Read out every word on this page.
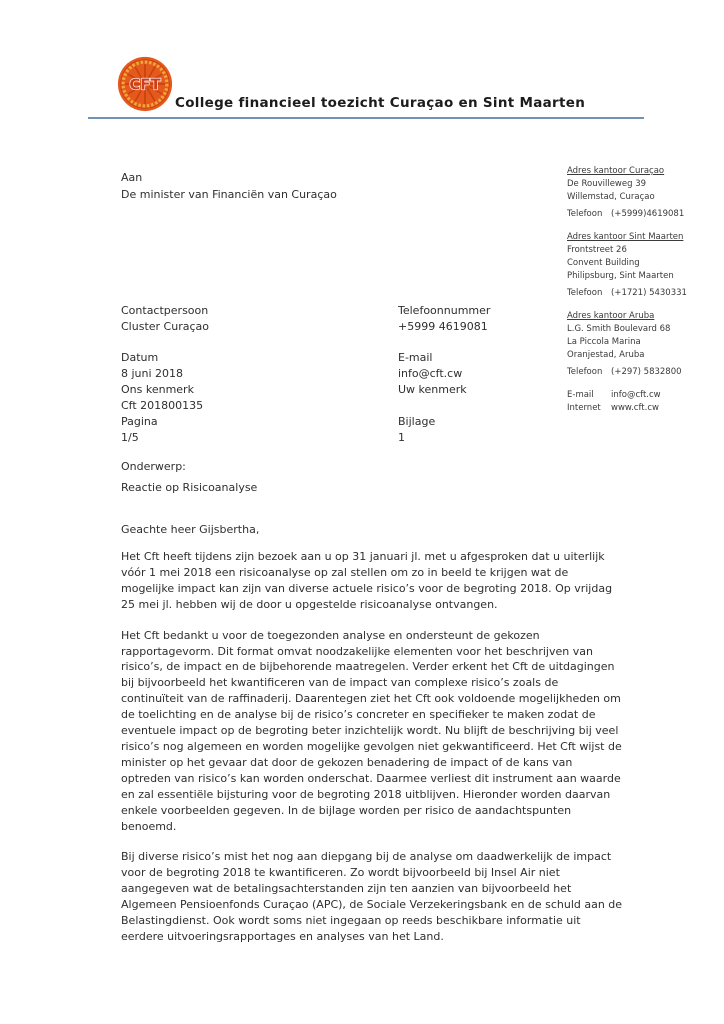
CFT
College financieel toezicht Curaçao en Sint Maarten
Aan
De minister van Financiën van Curaçao
Adres kantoor Curaçao
De Rouvilleweg 39
Willemstad, Curaçao
Telefoon	(+5999)4619081
Adres kantoor Sint Maarten
Frontstreet 26
Convent Building
Philipsburg, Sint Maarten
Telefoon	(+1721) 5430331
Adres kantoor Aruba
L.G. Smith Boulevard 68
La Piccola Marina
Oranjestad, Aruba
Telefoon	(+297) 5832800
E-mail	info@cft.cw
Internet	www.cft.cw
Contactpersoon	Telefoonnummer
Cluster Curaçao	+5999 4619081
Datum	E-mail
8 juni 2018	info@cft.cw
Ons kenmerk	Uw kenmerk
Cft 201800135
Pagina	Bijlage
1/5	1
Onderwerp:
Reactie op Risicoanalyse
Geachte heer Gijsbertha,

Het Cft heeft tijdens zijn bezoek aan u op 31 januari jl. met u afgesproken dat u uiterlijk vóór 1 mei 2018 een risicoanalyse op zal stellen om zo in beeld te krijgen wat de mogelijke impact kan zijn van diverse actuele risico’s voor de begroting 2018. Op vrijdag 25 mei jl. hebben wij de door u opgestelde risicoanalyse ontvangen.

Het Cft bedankt u voor de toegezonden analyse en ondersteunt de gekozen rapportagevorm. Dit format omvat noodzakelijke elementen voor het beschrijven van risico’s, de impact en de bijbehorende maatregelen. Verder erkent het Cft de uitdagingen bij bijvoorbeeld het kwantificeren van de impact van complexe risico’s zoals de continuïteit van de raffinaderij. Daarentegen ziet het Cft ook voldoende mogelijkheden om de toelichting en de analyse bij de risico’s concreter en specifieker te maken zodat de eventuele impact op de begroting beter inzichtelijk wordt. Nu blijft de beschrijving bij veel risico’s nog algemeen en worden mogelijke gevolgen niet gekwantificeerd. Het Cft wijst de minister op het gevaar dat door de gekozen benadering de impact of de kans van optreden van risico’s kan worden onderschat. Daarmee verliest dit instrument aan waarde en zal essentiële bijsturing voor de begroting 2018 uitblijven. Hieronder worden daarvan enkele voorbeelden gegeven. In de bijlage worden per risico de aandachtspunten benoemd.

Bij diverse risico’s mist het nog aan diepgang bij de analyse om daadwerkelijk de impact voor de begroting 2018 te kwantificeren. Zo wordt bijvoorbeeld bij Insel Air niet aangegeven wat de betalingsachterstanden zijn ten aanzien van bijvoorbeeld het Algemeen Pensioenfonds Curaçao (APC), de Sociale Verzekeringsbank en de schuld aan de Belastingdienst. Ook wordt soms niet ingegaan op reeds beschikbare informatie uit eerdere uitvoeringsrapportages en analyses van het Land.
